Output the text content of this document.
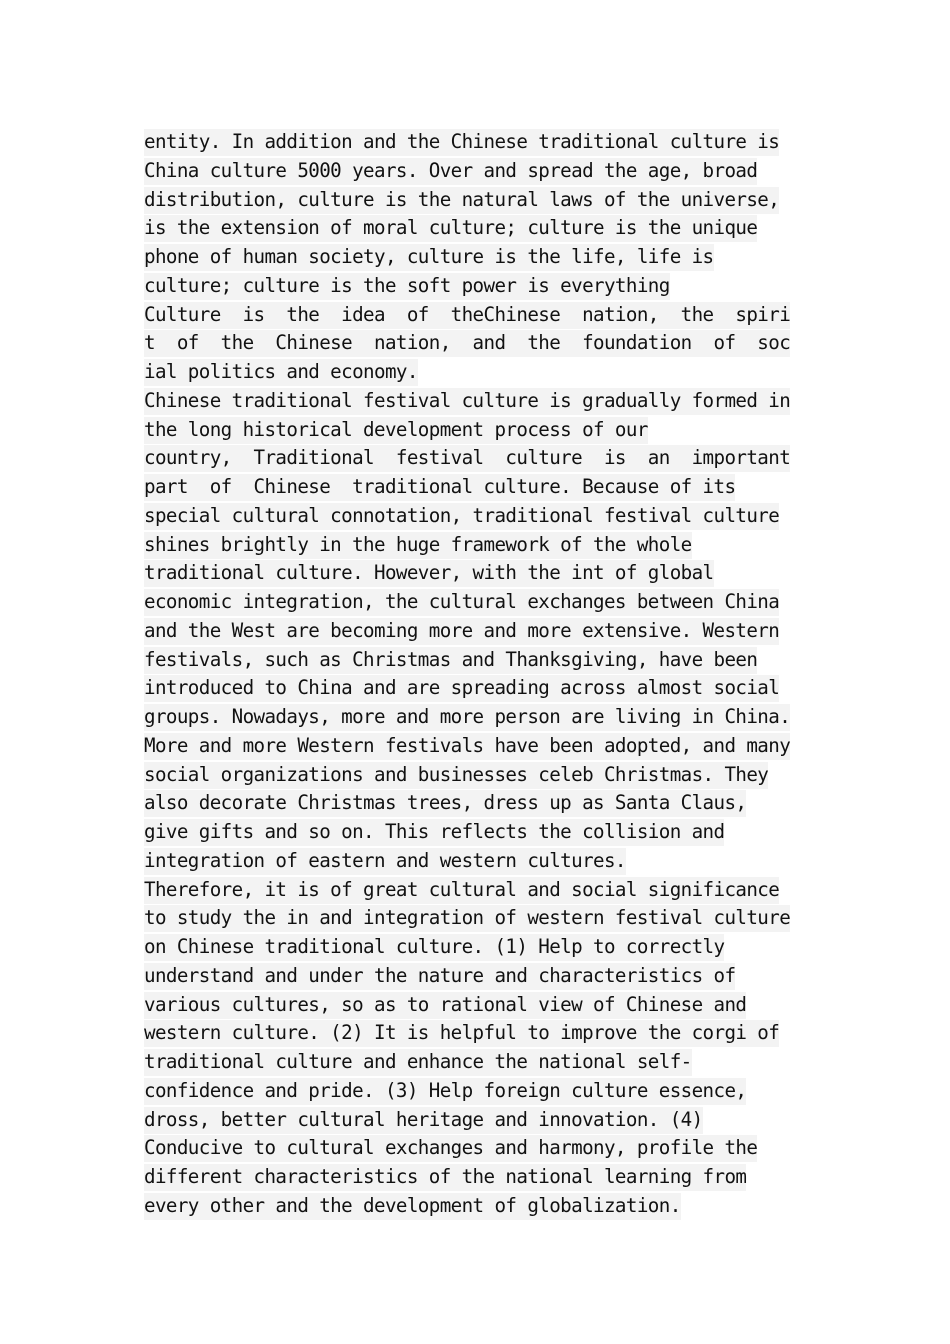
entity. In addition and the Chinese traditional culture is
China culture 5000 years. Over and spread the age, broad
distribution, culture is the natural laws of the universe,
is the extension of moral culture; culture is the unique
phone of human society, culture is the life, life is
culture; culture is the soft power is everything
Culture  is  the  idea  of  theChinese  nation,  the  spiri
t  of  the  Chinese  nation,  and  the  foundation  of  soc
ial politics and economy.
Chinese traditional festival culture is gradually formed in
the long historical development process of our
country,  Traditional  festival  culture  is  an  important
part  of  Chinese  traditional culture. Because of its
special cultural connotation, traditional festival culture
shines brightly in the huge framework of the whole
traditional culture. However, with the int of global
economic integration, the cultural exchanges between China
and the West are becoming more and more extensive. Western
festivals, such as Christmas and Thanksgiving, have been
introduced to China and are spreading across almost social
groups. Nowadays, more and more person are living in China.
More and more Western festivals have been adopted, and many
social organizations and businesses celeb Christmas. They
also decorate Christmas trees, dress up as Santa Claus,
give gifts and so on. This reflects the collision and
integration of eastern and western cultures.
Therefore, it is of great cultural and social significance
to study the in and integration of western festival culture
on Chinese traditional culture. (1) Help to correctly
understand and under the nature and characteristics of
various cultures, so as to rational view of Chinese and
western culture. (2) It is helpful to improve the corgi of
traditional culture and enhance the national self-
confidence and pride. (3) Help foreign culture essence,
dross, better cultural heritage and innovation. (4)
Conducive to cultural exchanges and harmony, profile the
different characteristics of the national learning from
every other and the development of globalization.
